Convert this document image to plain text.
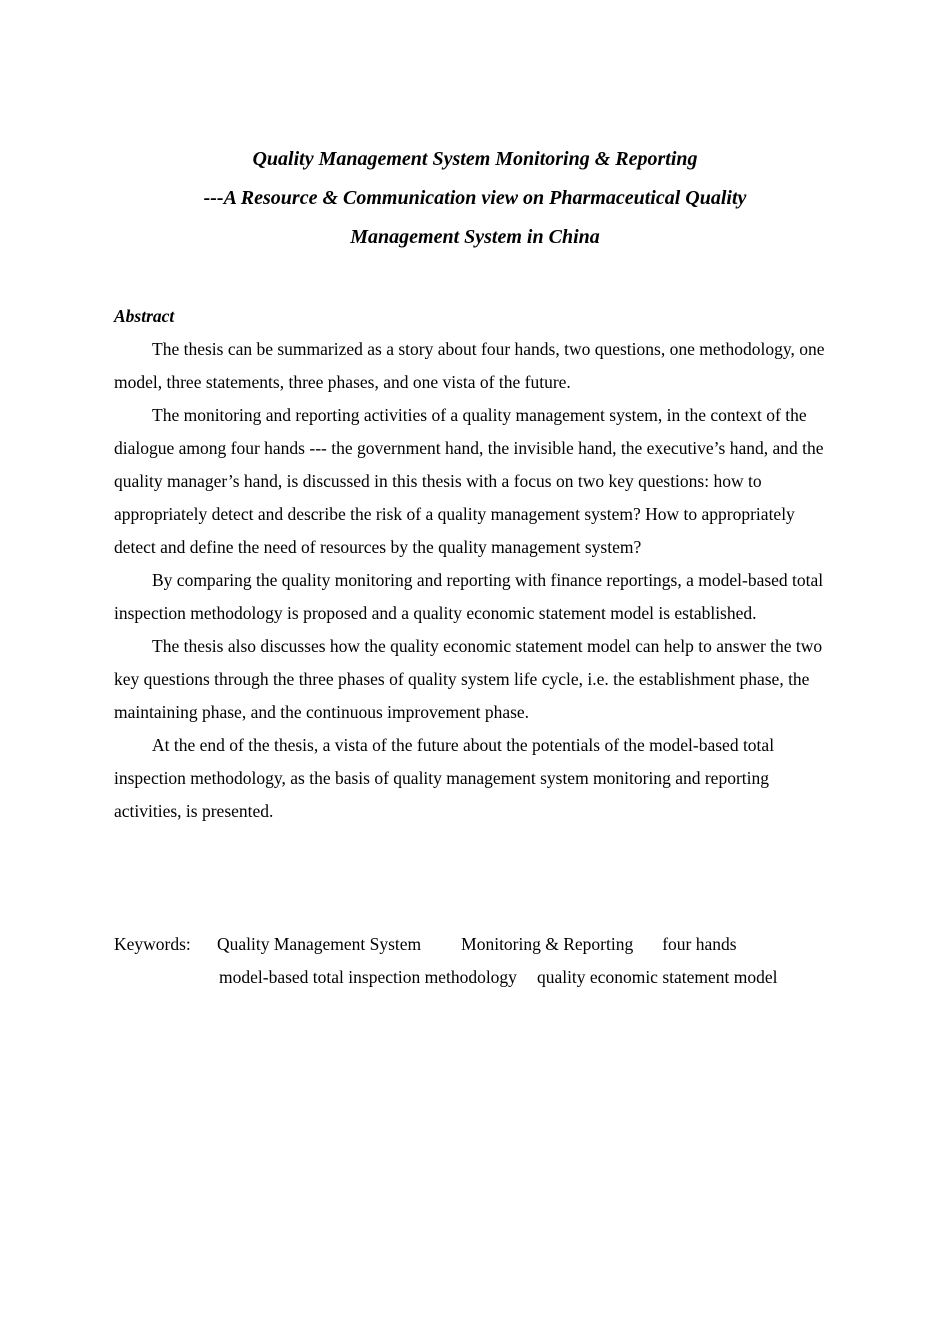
Quality Management System Monitoring & Reporting
---A Resource & Communication view on Pharmaceutical Quality
Management System in China
Abstract

The thesis can be summarized as a story about four hands, two questions, one methodology, one model, three statements, three phases, and one vista of the future.

The monitoring and reporting activities of a quality management system, in the context of the dialogue among four hands --- the government hand, the invisible hand, the executive’s hand, and the quality manager’s hand, is discussed in this thesis with a focus on two key questions: how to appropriately detect and describe the risk of a quality management system? How to appropriately detect and define the need of resources by the quality management system?

By comparing the quality monitoring and reporting with finance reportings, a model-based total inspection methodology is proposed and a quality economic statement model is established.

The thesis also discusses how the quality economic statement model can help to answer the two key questions through the three phases of quality system life cycle, i.e. the establishment phase, the maintaining phase, and the continuous improvement phase.

At the end of the thesis, a vista of the future about the potentials of the model-based total inspection methodology, as the basis of quality management system monitoring and reporting activities, is presented.

Keywords:	Quality Management System Monitoring & Reporting four hands
model-based total inspection methodology quality economic statement model
